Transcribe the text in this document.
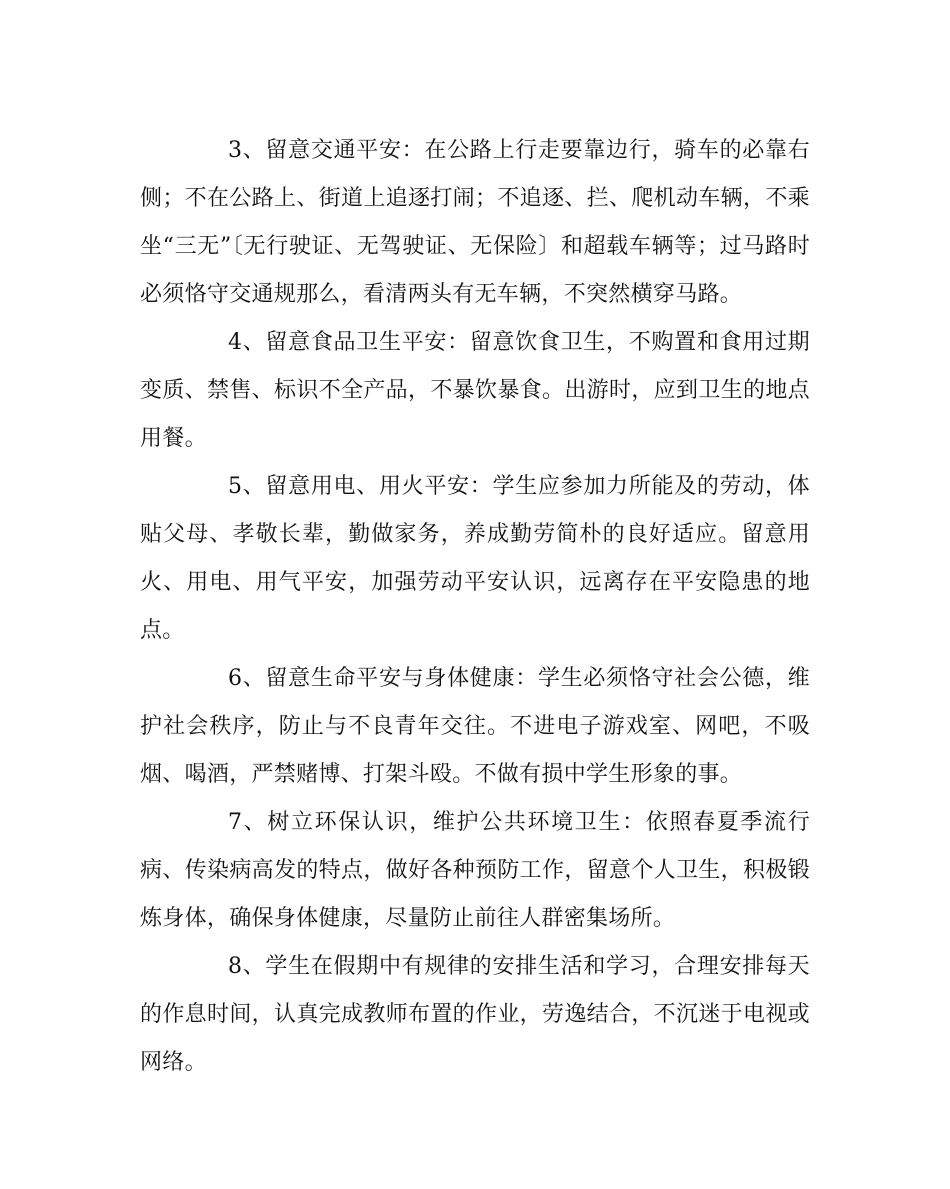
3、留意交通平安：在公路上行走要靠边行，骑车的必靠右侧；不在公路上、街道上追逐打闹；不追逐、拦、爬机动车辆，不乘坐“三无”〔无行驶证、无驾驶证、无保险〕和超载车辆等；过马路时必须恪守交通规那么，看清两头有无车辆，不突然横穿马路。

4、留意食品卫生平安：留意饮食卫生，不购置和食用过期变质、禁售、标识不全产品，不暴饮暴食。出游时，应到卫生的地点用餐。

5、留意用电、用火平安：学生应参加力所能及的劳动，体贴父母、孝敬长辈，勤做家务，养成勤劳简朴的良好适应。留意用火、用电、用气平安，加强劳动平安认识，远离存在平安隐患的地点。

6、留意生命平安与身体健康：学生必须恪守社会公德，维护社会秩序，防止与不良青年交往。不进电子游戏室、网吧，不吸烟、喝酒，严禁赌博、打架斗殴。不做有损中学生形象的事。

7、树立环保认识，维护公共环境卫生：依照春夏季流行病、传染病高发的特点，做好各种预防工作，留意个人卫生，积极锻炼身体，确保身体健康，尽量防止前往人群密集场所。

8、学生在假期中有规律的安排生活和学习，合理安排每天的作息时间，认真完成教师布置的作业，劳逸结合，不沉迷于电视或网络。
